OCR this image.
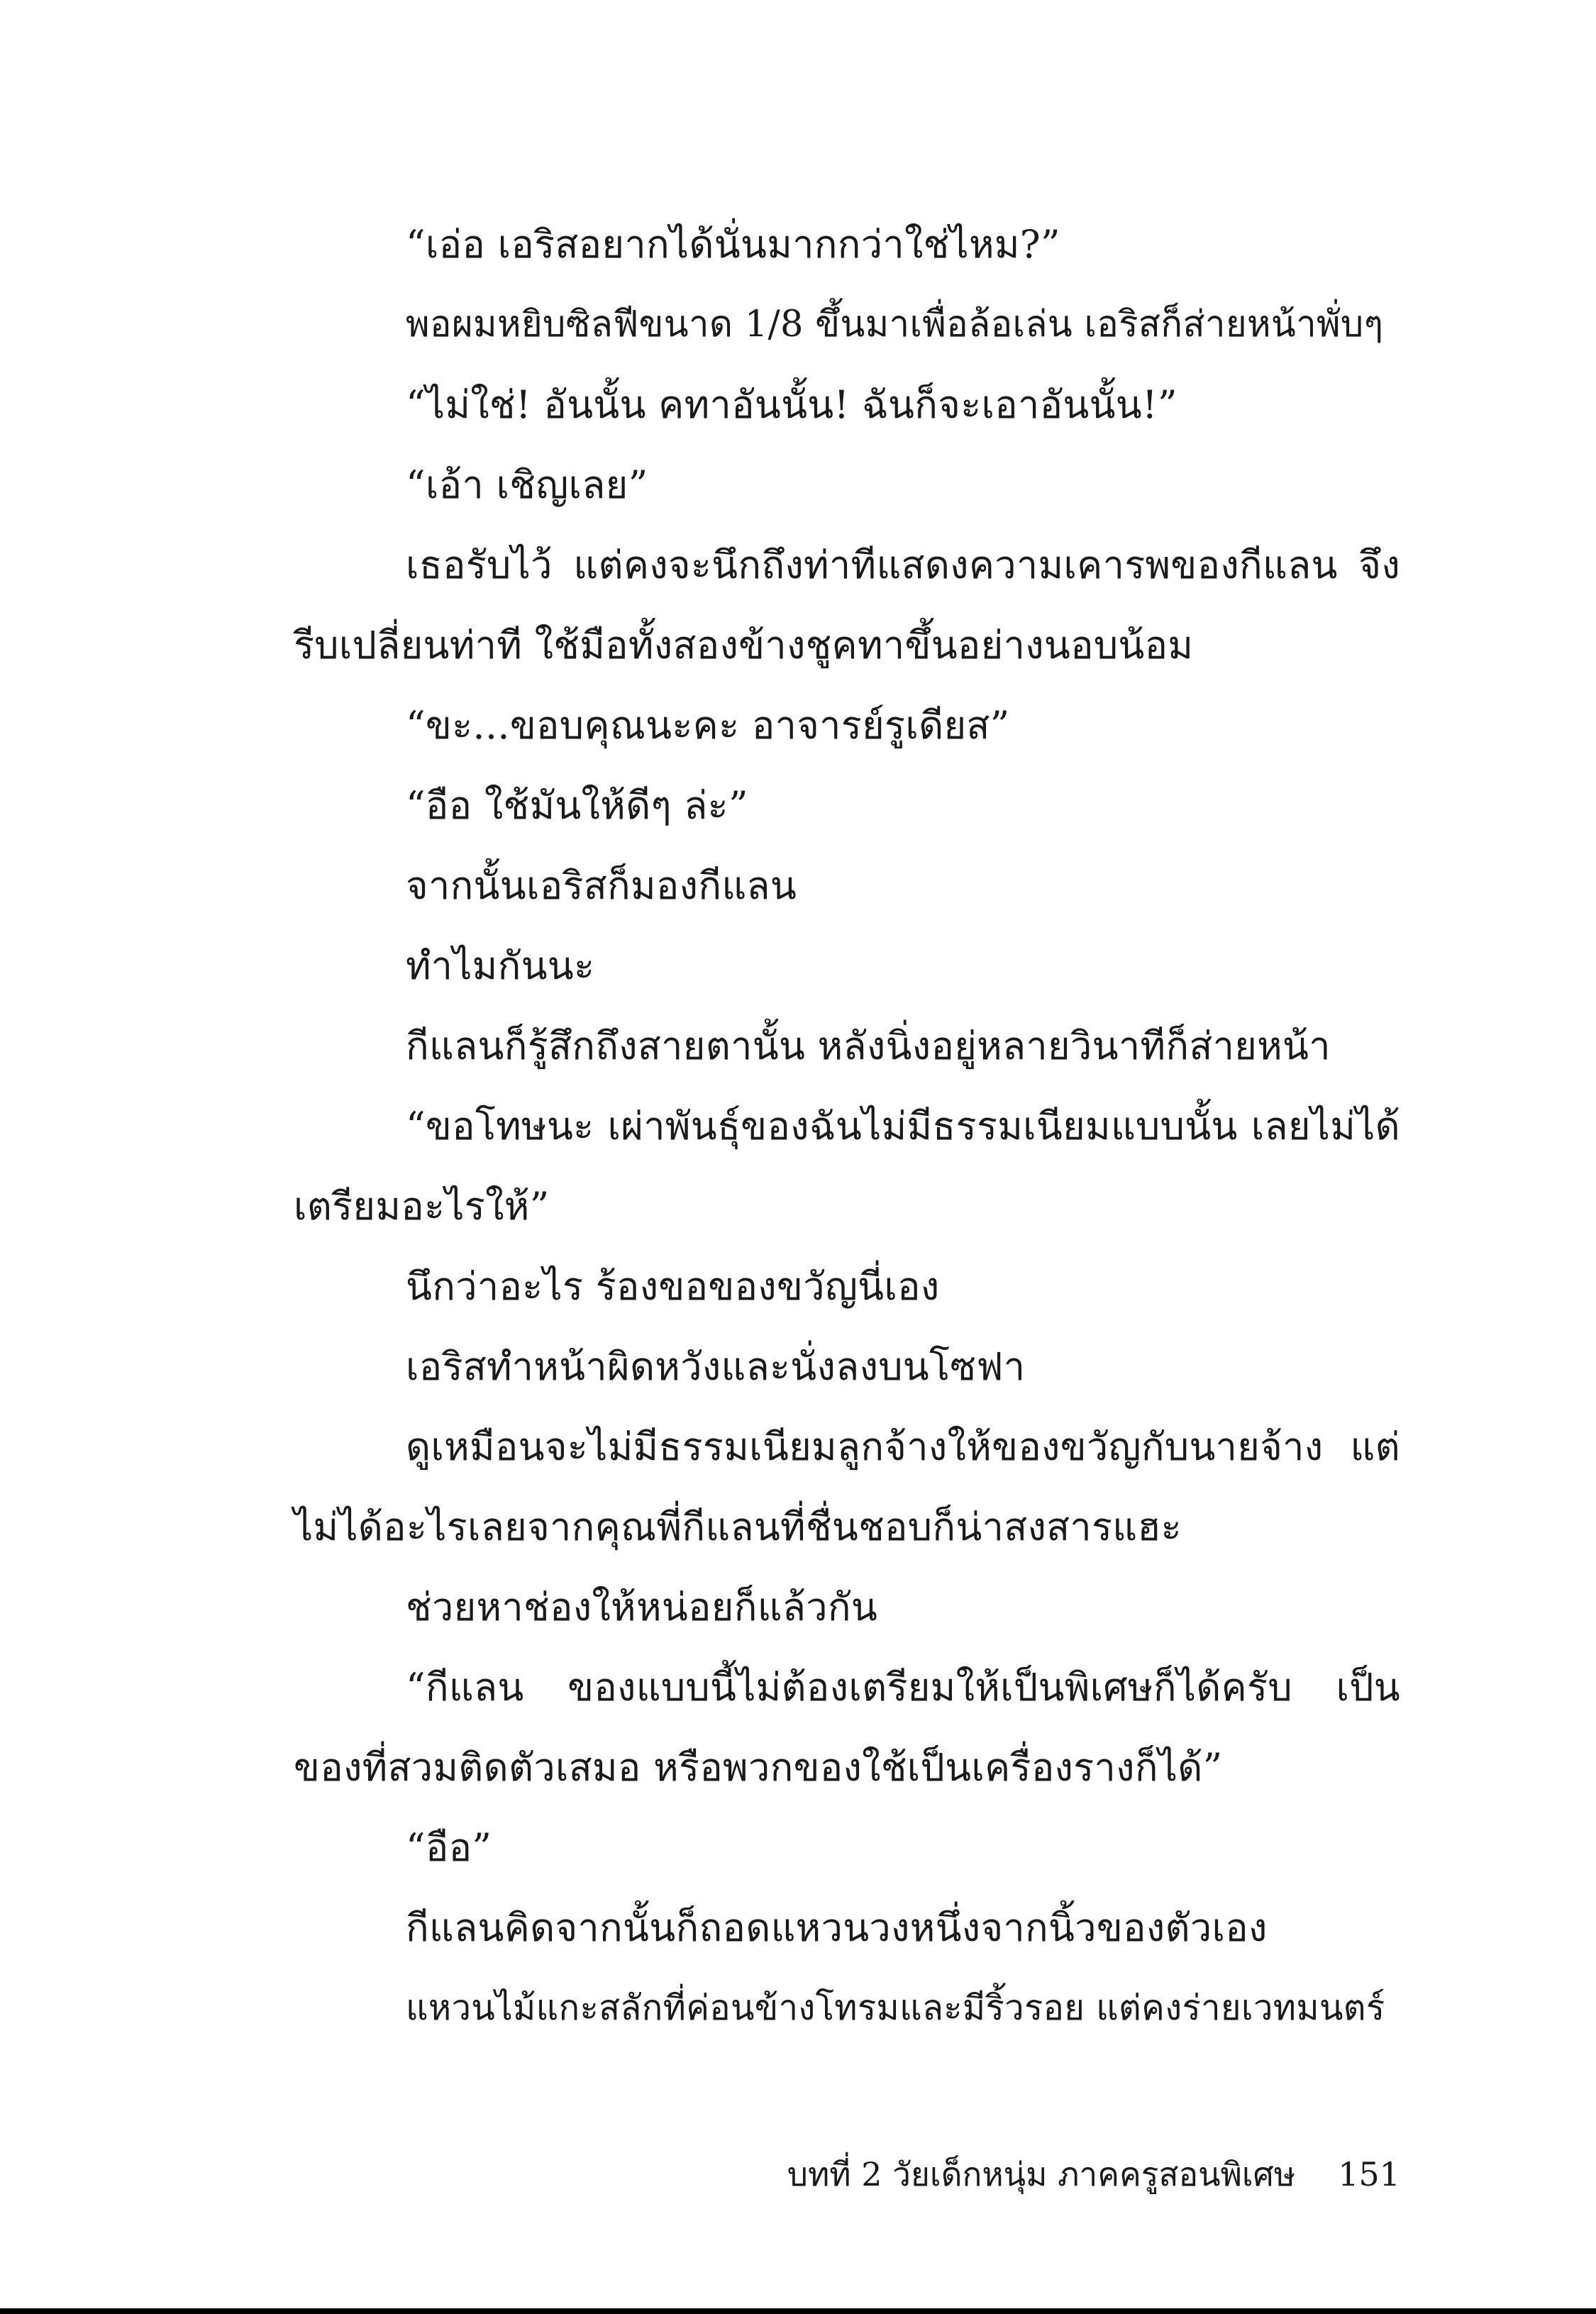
“เอ่อ เอริสอยากได้นั่นมากกว่าใช่ไหม?”

พอผมหยิบซิลฟีขนาด 1/8 ขึ้นมาเพื่อล้อเล่น เอริสก็ส่ายหน้าพั่บๆ

“ไม่ใช่! อันนั้น คทาอันนั้น! ฉันก็จะเอาอันนั้น!”

“เอ้า เชิญเลย”

เธอรับไว้ แต่คงจะนึกถึงท่าทีแสดงความเคารพของกีแลน จึงรีบเปลี่ยนท่าที ใช้มือทั้งสองข้างชูคทาขึ้นอย่างนอบน้อม

“ขะ...ขอบคุณนะคะ อาจารย์รูเดียส”

“อือ ใช้มันให้ดีๆ ล่ะ”

จากนั้นเอริสก็มองกีแลน

ทำไมกันนะ

กีแลนก็รู้สึกถึงสายตานั้น หลังนิ่งอยู่หลายวินาทีก็ส่ายหน้า

“ขอโทษนะ เผ่าพันธุ์ของฉันไม่มีธรรมเนียมแบบนั้น เลยไม่ได้เตรียมอะไรให้”

นึกว่าอะไร ร้องขอของขวัญนี่เอง

เอริสทำหน้าผิดหวังและนั่งลงบนโซฟา

ดูเหมือนจะไม่มีธรรมเนียมลูกจ้างให้ของขวัญกับนายจ้าง แต่ไม่ได้อะไรเลยจากคุณพี่กีแลนที่ชื่นชอบก็น่าสงสารแฮะ

ช่วยหาช่องให้หน่อยก็แล้วกัน

“กีแลน ของแบบนี้ไม่ต้องเตรียมให้เป็นพิเศษก็ได้ครับ เป็นของที่สวมติดตัวเสมอ หรือพวกของใช้เป็นเครื่องรางก็ได้”

“อือ”

กีแลนคิดจากนั้นก็ถอดแหวนวงหนึ่งจากนิ้วของตัวเอง

แหวนไม้แกะสลักที่ค่อนข้างโทรมและมีริ้วรอย แต่คงร่ายเวทมนตร์

บทที่ 2 วัยเด็กหนุ่ม ภาคครูสอนพิเศษ 151
